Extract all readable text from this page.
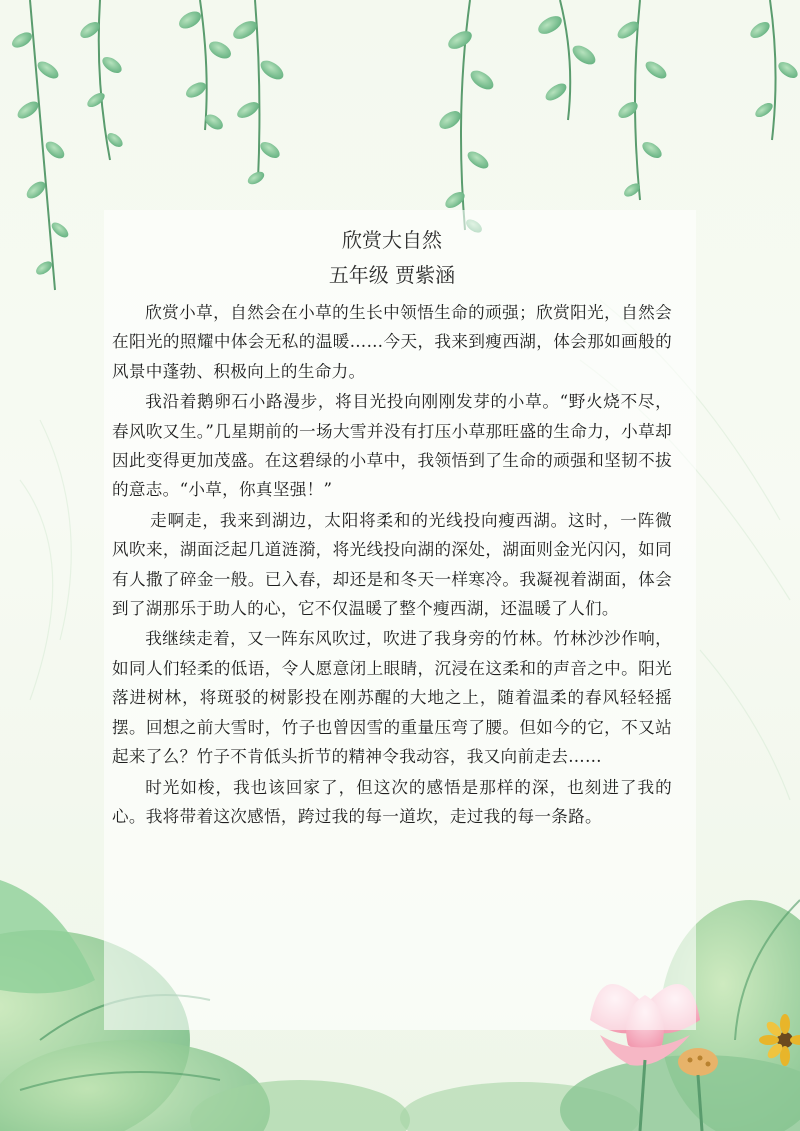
欣赏大自然
五年级 贾紫涵

欣赏小草，自然会在小草的生长中领悟生命的顽强；欣赏阳光，自然会在阳光的照耀中体会无私的温暖……今天，我来到瘦西湖，体会那如画般的风景中蓬勃、积极向上的生命力。

我沿着鹅卵石小路漫步，将目光投向刚刚发芽的小草。“野火烧不尽，春风吹又生。”几星期前的一场大雪并没有打压小草那旺盛的生命力，小草却因此变得更加茂盛。在这碧绿的小草中，我领悟到了生命的顽强和坚韧不拔的意志。“小草，你真坚强！”

走啊走，我来到湖边，太阳将柔和的光线投向瘦西湖。这时，一阵微风吹来，湖面泛起几道涟漪，将光线投向湖的深处，湖面则金光闪闪，如同有人撒了碎金一般。已入春，却还是和冬天一样寒冷。我凝视着湖面，体会到了湖那乐于助人的心，它不仅温暖了整个瘦西湖，还温暖了人们。

我继续走着，又一阵东风吹过，吹进了我身旁的竹林。竹林沙沙作响，如同人们轻柔的低语，令人愿意闭上眼睛，沉浸在这柔和的声音之中。阳光落进树林，将斑驳的树影投在刚苏醒的大地之上，随着温柔的春风轻轻摇摆。回想之前大雪时，竹子也曾因雪的重量压弯了腰。但如今的它，不又站起来了么？竹子不肯低头折节的精神令我动容，我又向前走去……

时光如梭，我也该回家了，但这次的感悟是那样的深，也刻进了我的心。我将带着这次感悟，跨过我的每一道坎，走过我的每一条路。
